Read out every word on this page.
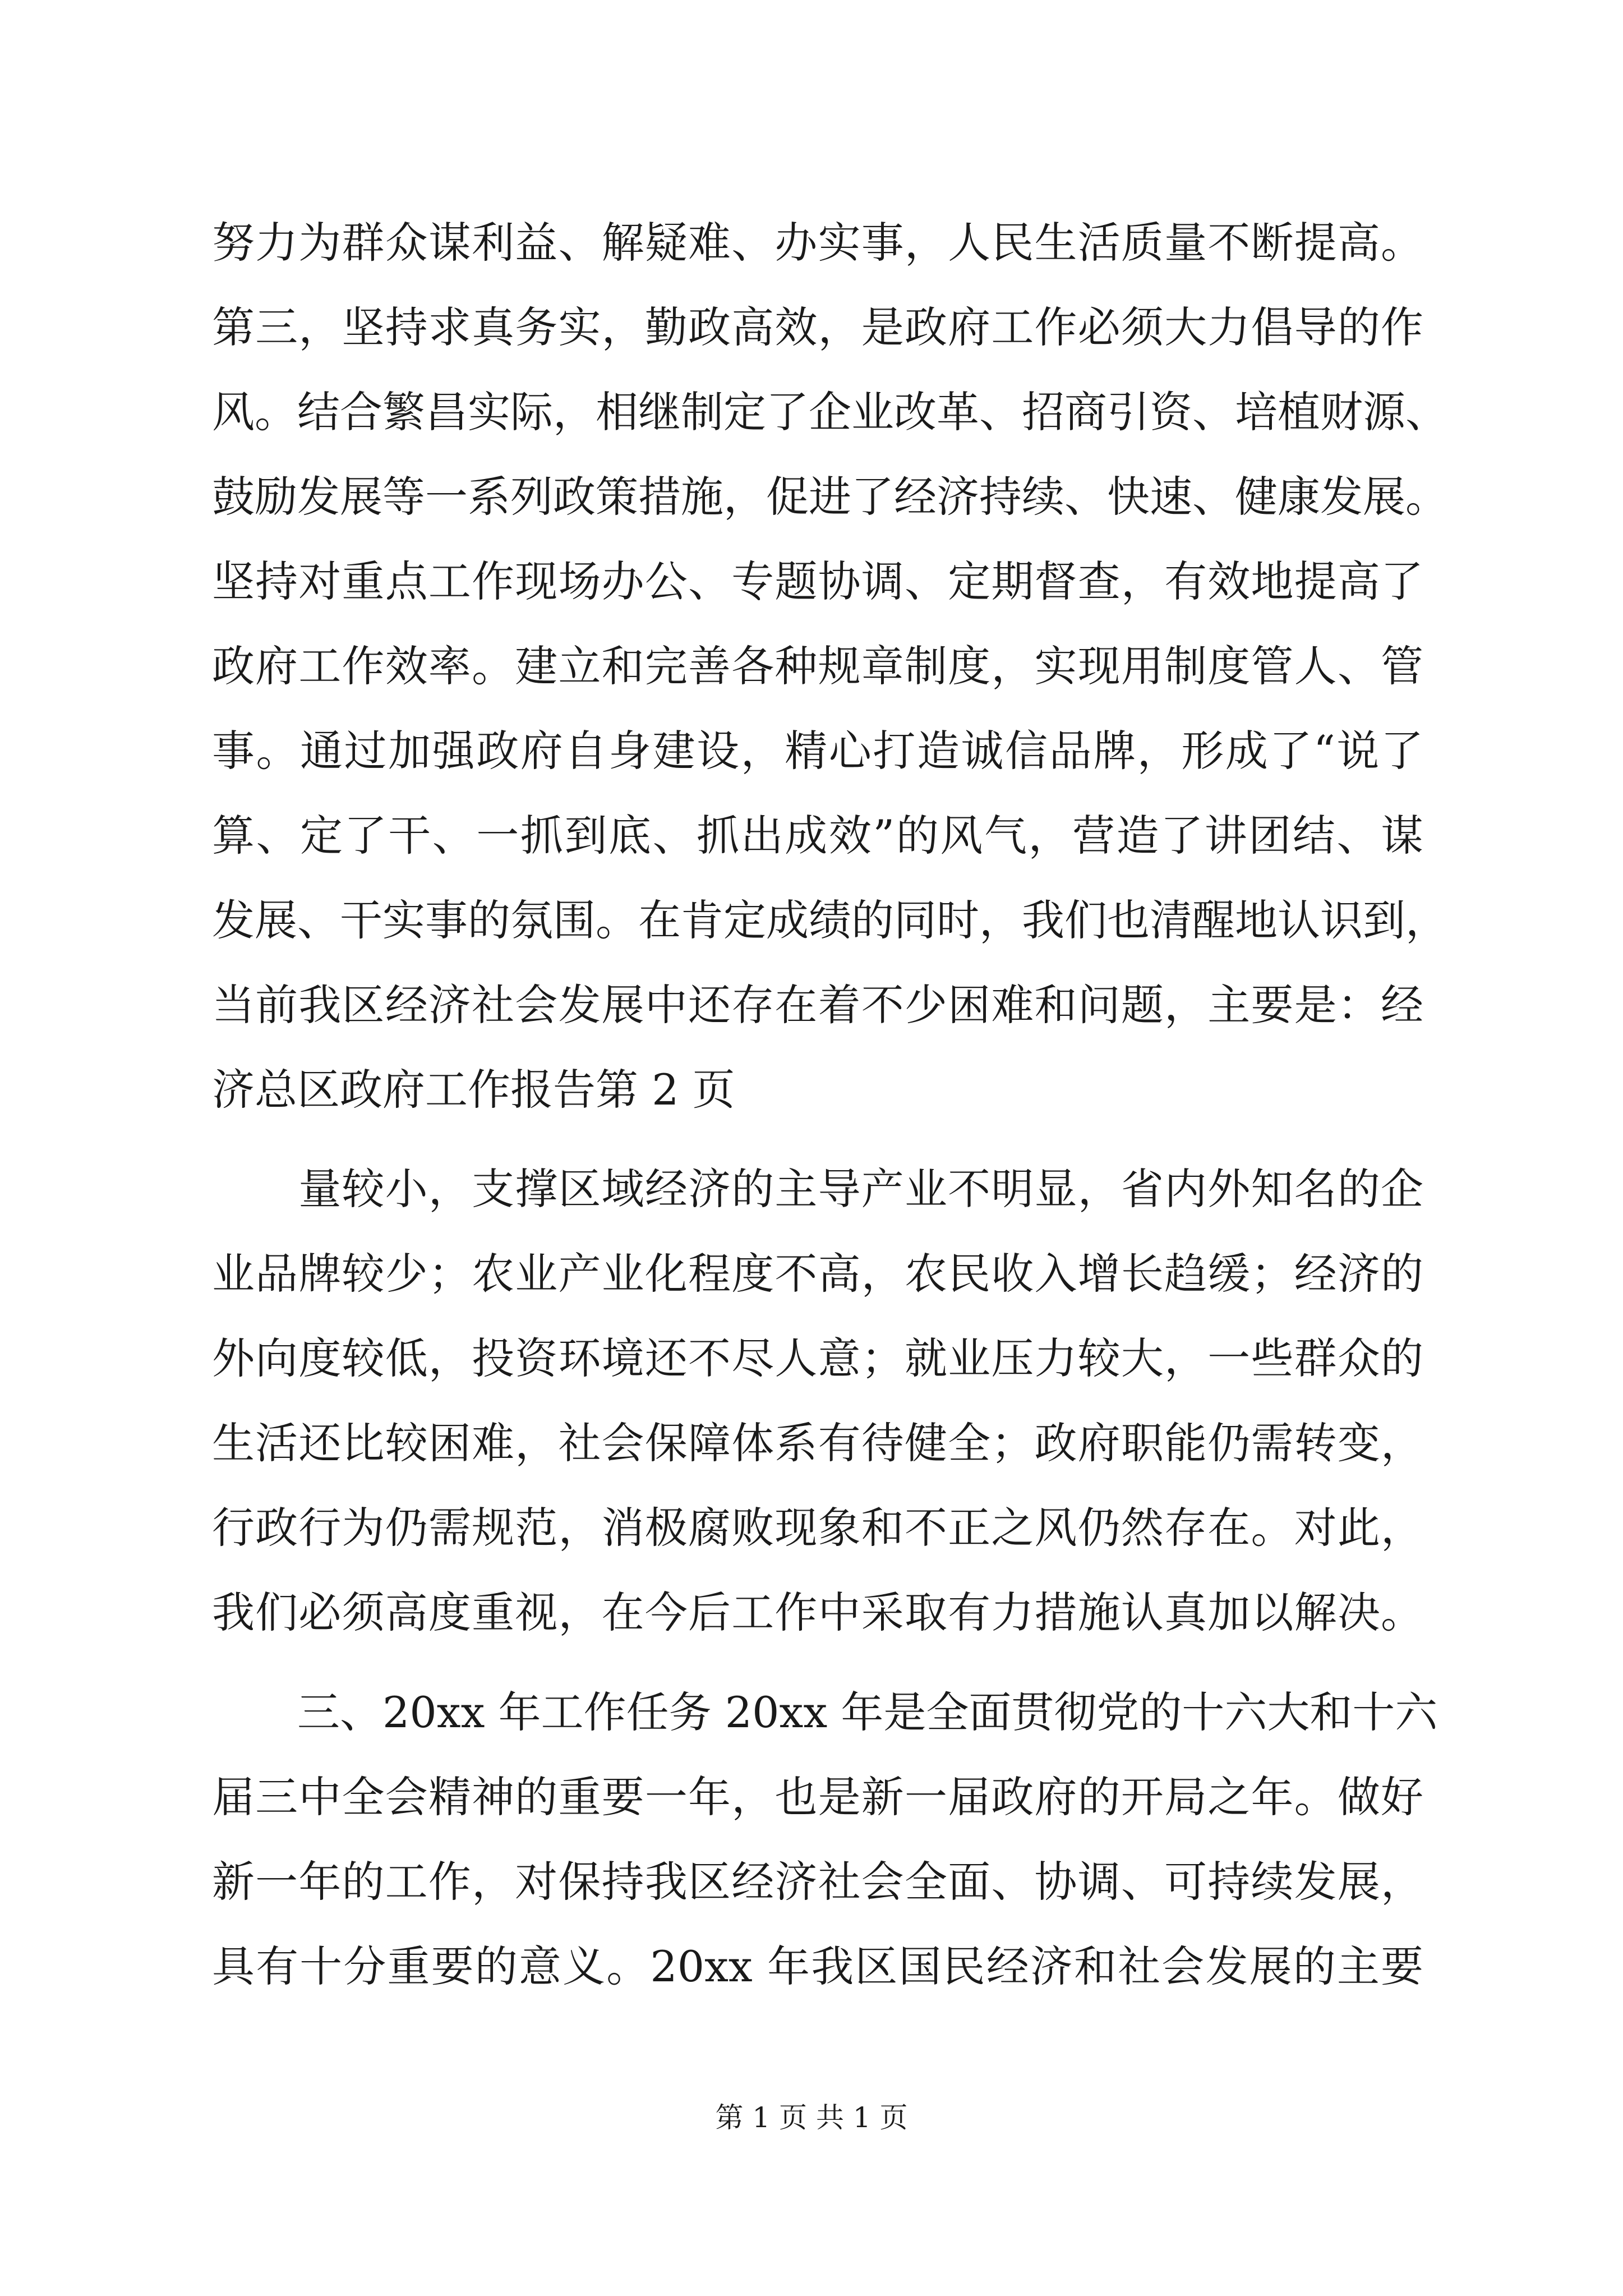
努力为群众谋利益、解疑难、办实事，人民生活质量不断提高。
第三，坚持求真务实，勤政高效，是政府工作必须大力倡导的作
风。结合繁昌实际，相继制定了企业改革、招商引资、培植财源、
鼓励发展等一系列政策措施，促进了经济持续、快速、健康发展。
坚持对重点工作现场办公、专题协调、定期督查，有效地提高了
政府工作效率。建立和完善各种规章制度，实现用制度管人、管
事。通过加强政府自身建设，精心打造诚信品牌，形成了“说了
算、定了干、一抓到底、抓出成效”的风气，营造了讲团结、谋
发展、干实事的氛围。在肯定成绩的同时，我们也清醒地认识到，
当前我区经济社会发展中还存在着不少困难和问题，主要是：经
济总区政府工作报告第 2 页
　　量较小，支撑区域经济的主导产业不明显，省内外知名的企
业品牌较少；农业产业化程度不高，农民收入增长趋缓；经济的
外向度较低，投资环境还不尽人意；就业压力较大，一些群众的
生活还比较困难，社会保障体系有待健全；政府职能仍需转变，
行政行为仍需规范，消极腐败现象和不正之风仍然存在。对此，
我们必须高度重视，在今后工作中采取有力措施认真加以解决。
　　三、20xx 年工作任务 20xx 年是全面贯彻党的十六大和十六
届三中全会精神的重要一年，也是新一届政府的开局之年。做好
新一年的工作，对保持我区经济社会全面、协调、可持续发展，
具有十分重要的意义。20xx 年我区国民经济和社会发展的主要
第 1 页 共 1 页
